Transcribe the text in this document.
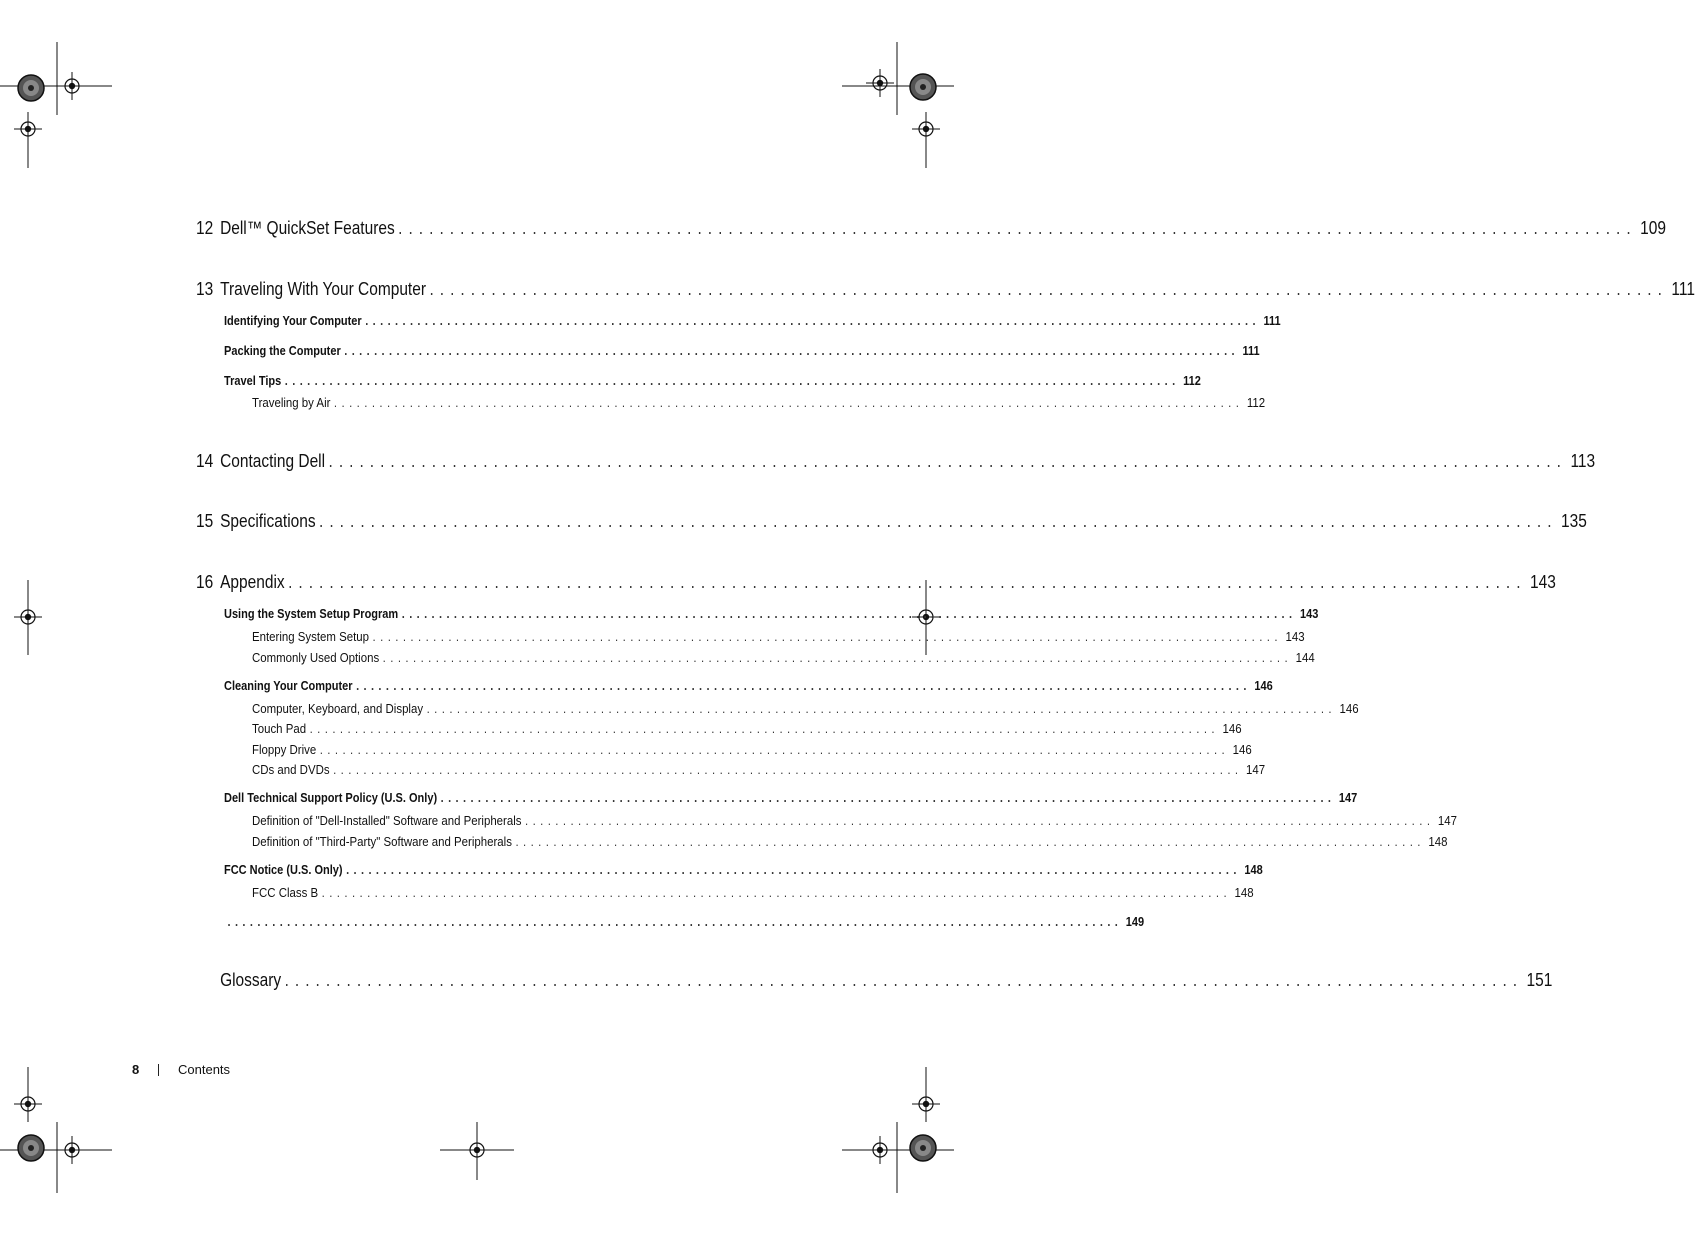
12 Dell™ QuickSet Features ........................................................................................................................ 109
13 Traveling With Your Computer ........................................................................................................................ 111
Identifying Your Computer ........................................................................................................................ 111
Packing the Computer ........................................................................................................................ 111
Travel Tips ........................................................................................................................ 112
Traveling by Air ........................................................................................................................ 112
14 Contacting Dell ........................................................................................................................ 113
15 Specifications ........................................................................................................................ 135
16 Appendix ........................................................................................................................ 143
Using the System Setup Program ........................................................................................................................ 143
Entering System Setup ........................................................................................................................ 143
Commonly Used Options ........................................................................................................................ 144
Cleaning Your Computer ........................................................................................................................ 146
Computer, Keyboard, and Display ........................................................................................................................ 146
Touch Pad ........................................................................................................................ 146
Floppy Drive ........................................................................................................................ 146
CDs and DVDs ........................................................................................................................ 147
Dell Technical Support Policy (U.S. Only) ........................................................................................................................ 147
Definition of "Dell-Installed" Software and Peripherals ........................................................................................................................ 147
Definition of "Third-Party" Software and Peripherals ........................................................................................................................ 148
FCC Notice (U.S. Only) ........................................................................................................................ 148
FCC Class B ........................................................................................................................ 148
........................................................................................................................ 149
Glossary ........................................................................................................................ 151
8	Contents
